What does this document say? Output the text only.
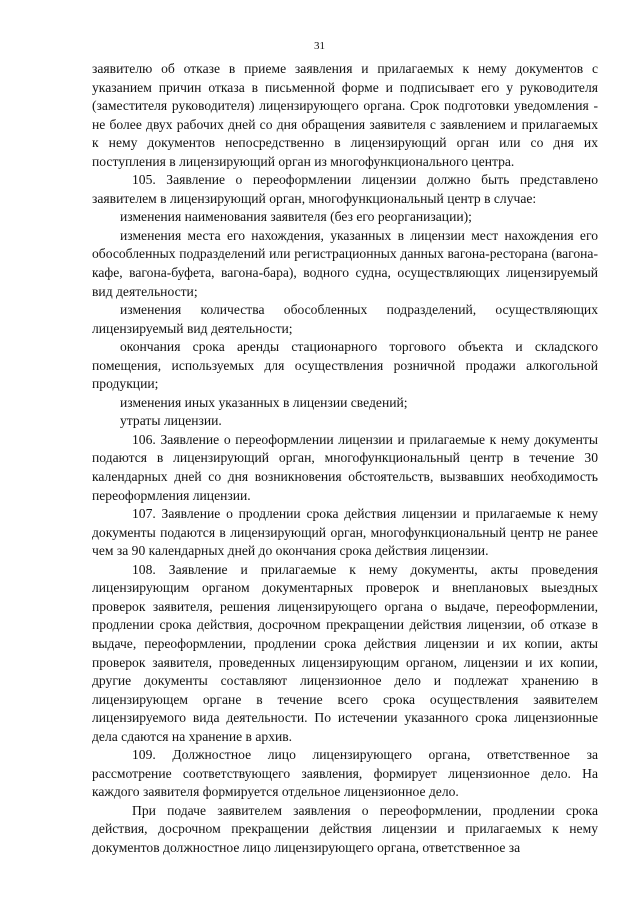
31

заявителю об отказе в приеме заявления и прилагаемых к нему документов с указанием причин отказа в письменной форме и подписывает его у руководителя (заместителя руководителя) лицензирующего органа. Срок подготовки уведомления - не более двух рабочих дней со дня обращения заявителя с заявлением и прилагаемых к нему документов непосредственно в лицензирующий орган или со дня их поступления в лицензирующий орган из многофункционального центра.

105. Заявление о переоформлении лицензии должно быть представлено заявителем в лицензирующий орган, многофункциональный центр в случае:

изменения наименования заявителя (без его реорганизации);

изменения места его нахождения, указанных в лицензии мест нахождения его обособленных подразделений или регистрационных данных вагона-ресторана (вагона-кафе, вагона-буфета, вагона-бара), водного судна, осуществляющих лицензируемый вид деятельности;

изменения количества обособленных подразделений, осуществляющих лицензируемый вид деятельности;

окончания срока аренды стационарного торгового объекта и складского помещения, используемых для осуществления розничной продажи алкогольной продукции;

изменения иных указанных в лицензии сведений;

утраты лицензии.

106. Заявление о переоформлении лицензии и прилагаемые к нему документы подаются в лицензирующий орган, многофункциональный центр в течение 30 календарных дней со дня возникновения обстоятельств, вызвавших необходимость переоформления лицензии.

107. Заявление о продлении срока действия лицензии и прилагаемые к нему документы подаются в лицензирующий орган, многофункциональный центр не ранее чем за 90 календарных дней до окончания срока действия лицензии.

108. Заявление и прилагаемые к нему документы, акты проведения лицензирующим органом документарных проверок и внеплановых выездных проверок заявителя, решения лицензирующего органа о выдаче, переоформлении, продлении срока действия, досрочном прекращении действия лицензии, об отказе в выдаче, переоформлении, продлении срока действия лицензии и их копии, акты проверок заявителя, проведенных лицензирующим органом, лицензии и их копии, другие документы составляют лицензионное дело и подлежат хранению в лицензирующем органе в течение всего срока осуществления заявителем лицензируемого вида деятельности. По истечении указанного срока лицензионные дела сдаются на хранение в архив.

109. Должностное лицо лицензирующего органа, ответственное за рассмотрение соответствующего заявления, формирует лицензионное дело. На каждого заявителя формируется отдельное лицензионное дело.

При подаче заявителем заявления о переоформлении, продлении срока действия, досрочном прекращении действия лицензии и прилагаемых к нему документов должностное лицо лицензирующего органа, ответственное за
